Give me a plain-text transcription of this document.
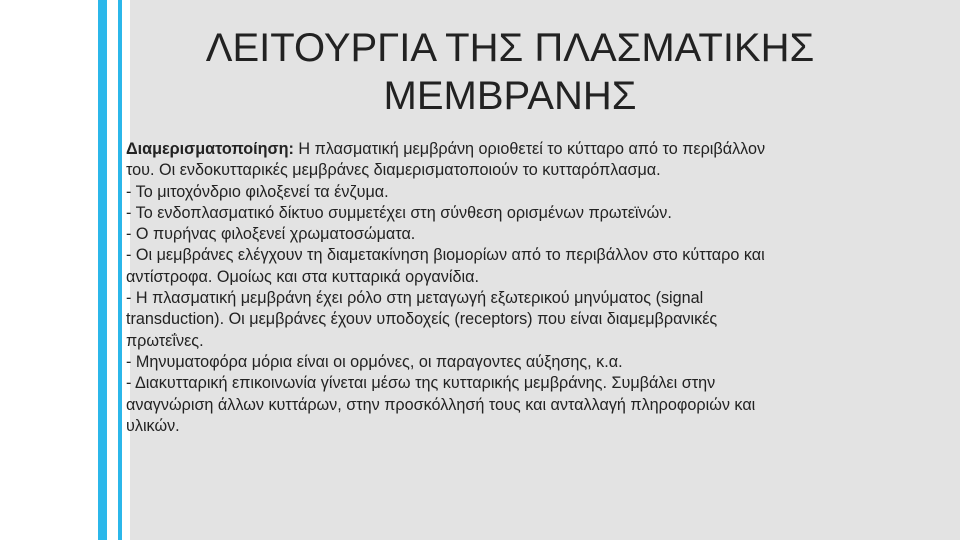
ΛΕΙΤΟΥΡΓΙΑ ΤΗΣ ΠΛΑΣΜΑΤΙΚΗΣ
ΜΕΜΒΡΑΝΗΣ

Διαμερισματοποίηση: Η πλασματική μεμβράνη οριοθετεί το κύτταρο από το περιβάλλον του. Οι ενδοκυτταρικές μεμβράνες διαμερισματοποιούν το κυτταρόπλασμα.

- Το μιτοχόνδριο φιλοξενεί τα ένζυμα.

- Το ενδοπλασματικό δίκτυο συμμετέχει στη σύνθεση ορισμένων πρωτεϊνών.

- Ο πυρήνας φιλοξενεί χρωματοσώματα.

- Οι μεμβράνες ελέγχουν τη διαμετακίνηση βιομορίων από το περιβάλλον στο κύτταρο και αντίστροφα. Ομοίως και στα κυτταρικά οργανίδια.

- Η πλασματική μεμβράνη έχει ρόλο στη μεταγωγή εξωτερικού μηνύματος (signal transduction). Οι μεμβράνες έχουν υποδοχείς (receptors) που είναι διαμεμβρανικές πρωτεΐνες.

- Μηνυματοφόρα μόρια είναι οι ορμόνες, οι παραγοντες αύξησης, κ.α.

- Διακυτταρική επικοινωνία γίνεται μέσω της κυτταρικής μεμβράνης. Συμβάλει στην αναγνώριση άλλων κυττάρων, στην προσκόλλησή τους και ανταλλαγή πληροφοριών και υλικών.
